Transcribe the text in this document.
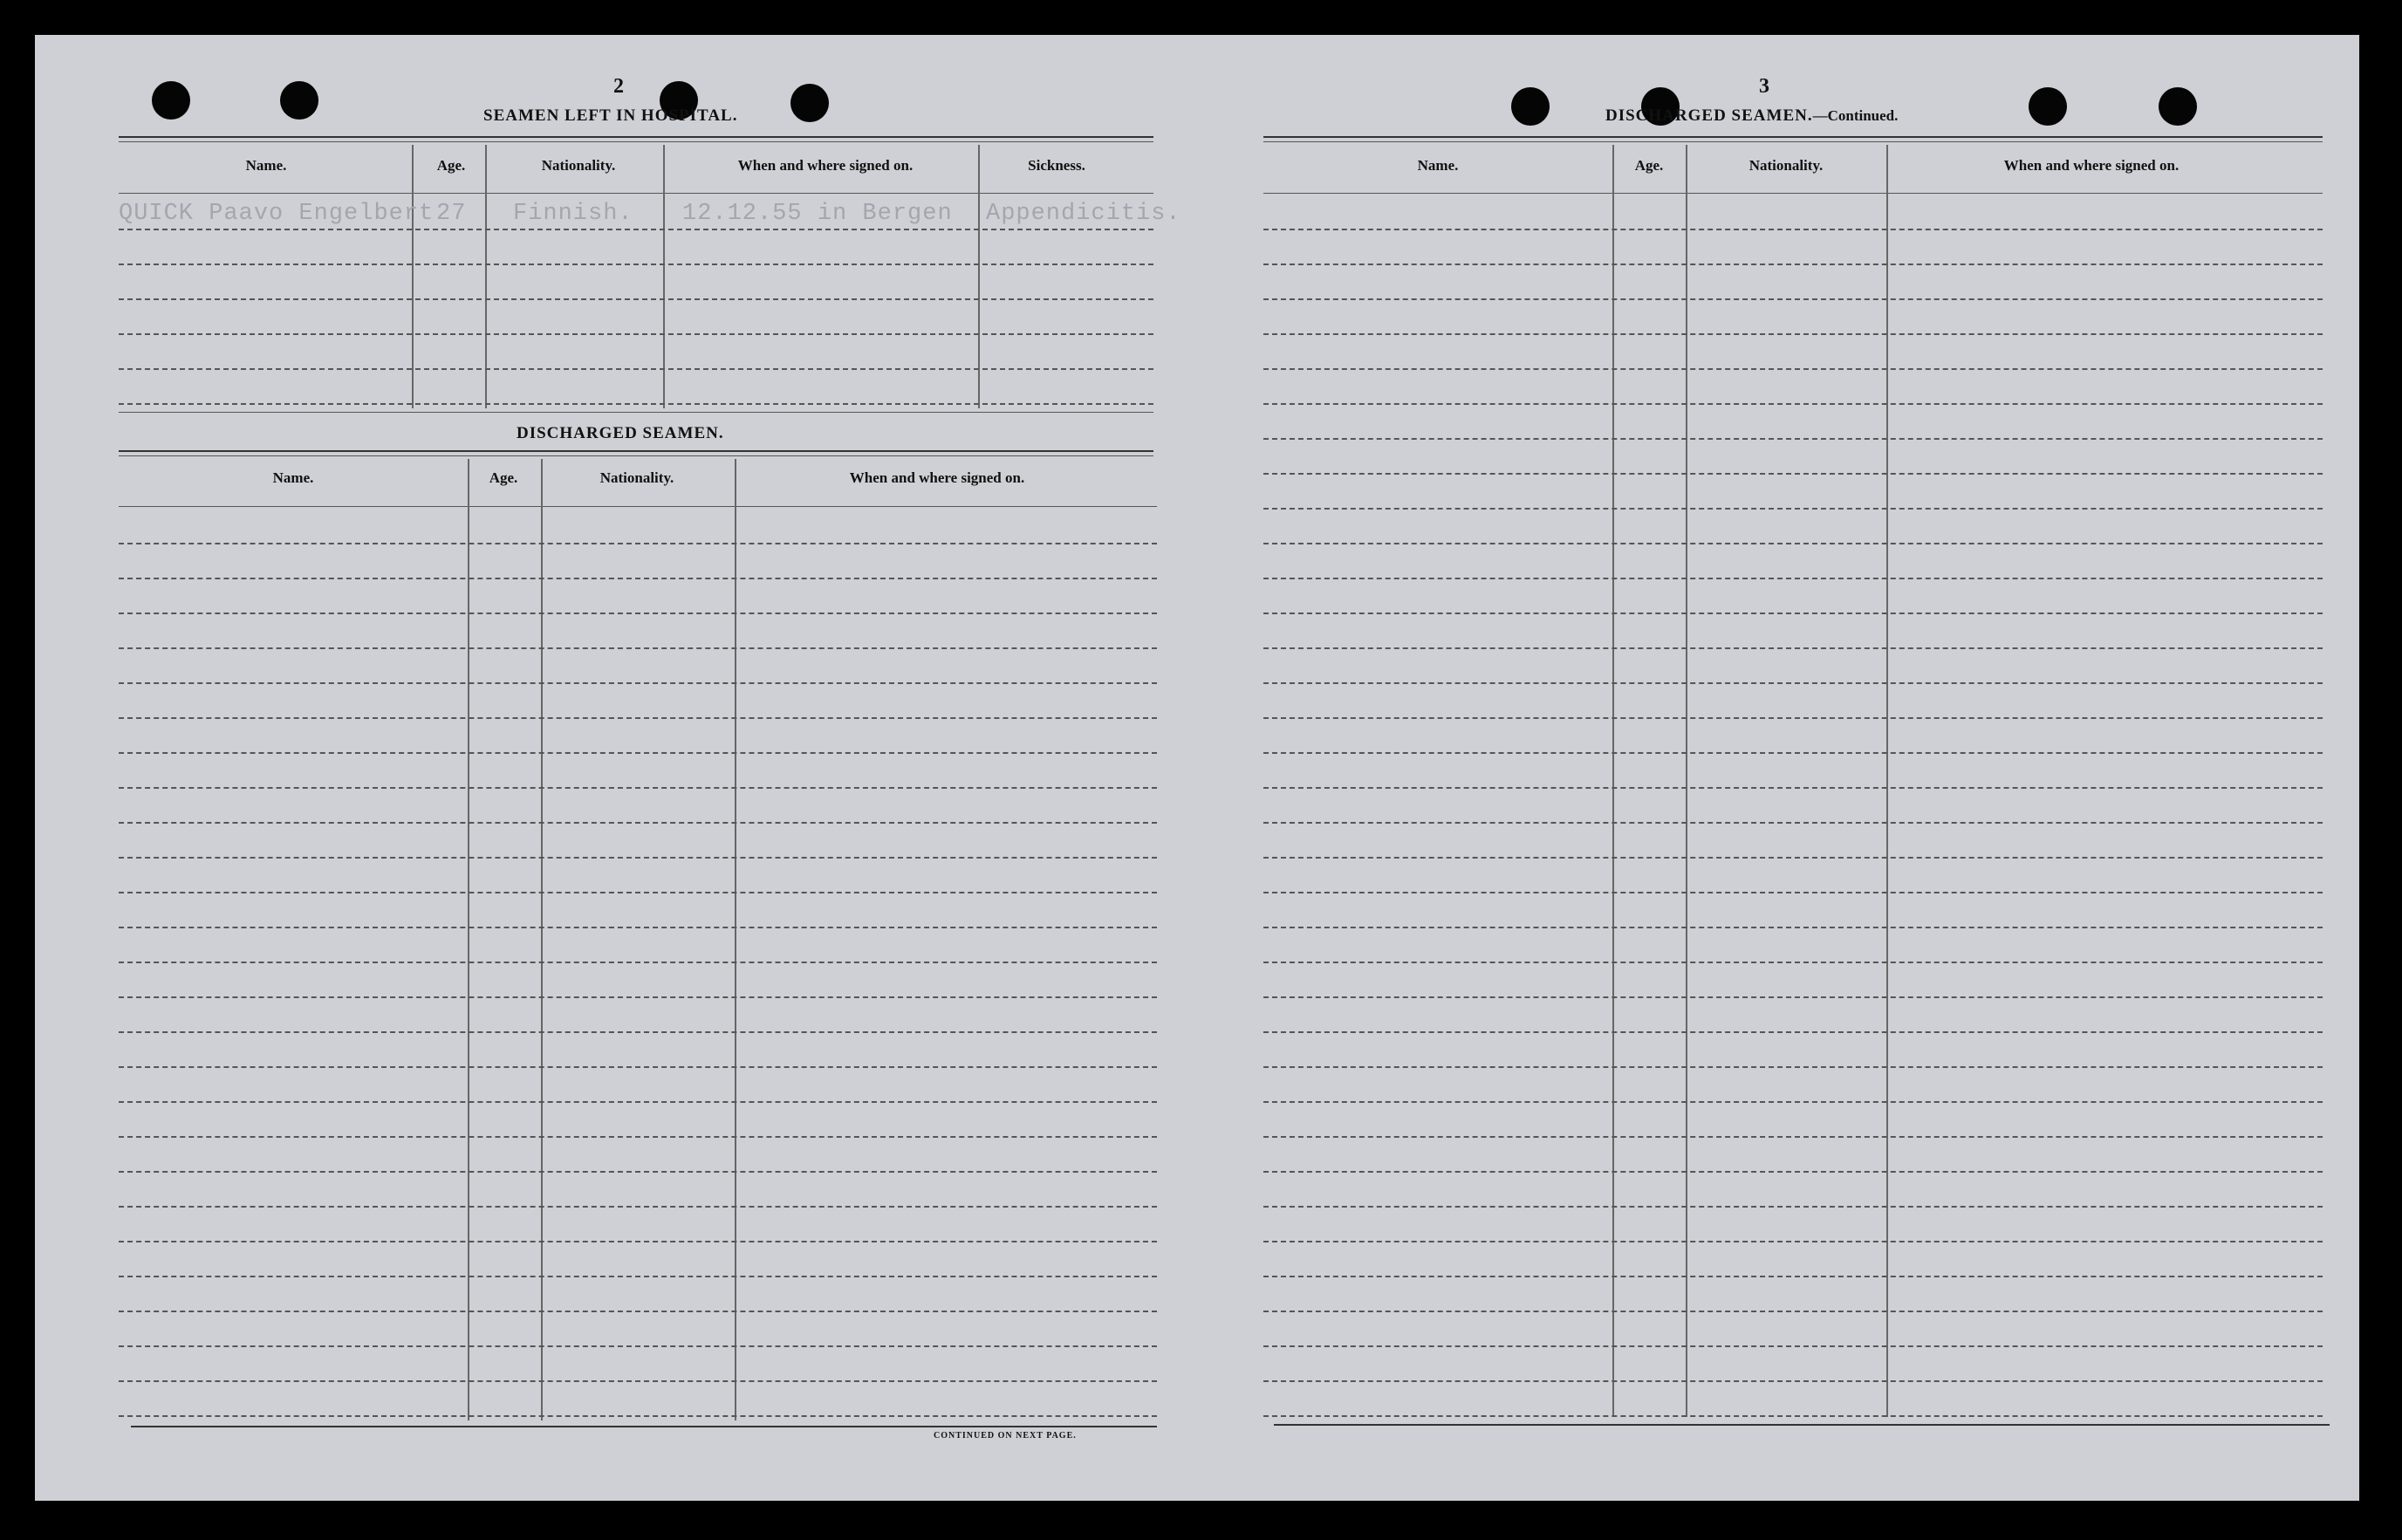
2
SEAMEN LEFT IN HOSPITAL.
Name.	Age.	Nationality.	When and where signed on.	Sickness.
QUICK Paavo Engelbert 27 Finnish. 12.12.55 in Bergen Appendicitis.
DISCHARGED SEAMEN.
Name.	Age.	Nationality.	When and where signed on.
CONTINUED ON NEXT PAGE.
3
DISCHARGED SEAMEN.—Continued.
Name.	Age.	Nationality.	When and where signed on.
